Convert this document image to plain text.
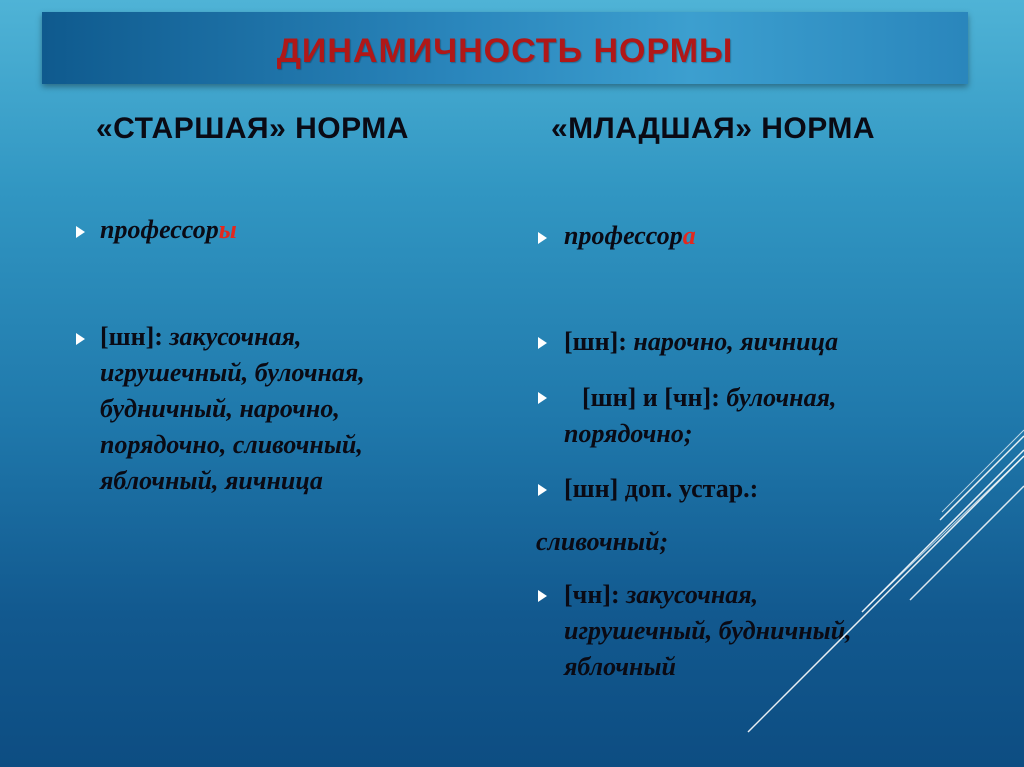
ДИНАМИЧНОСТЬ НОРМЫ
«СТАРШАЯ» НОРМА	«МЛАДШАЯ» НОРМА
профессоры
[шн]: закусочная,
игрушечный, булочная,
будничный, нарочно,
порядочно, сливочный,
яблочный, яичница
профессора
[шн]: нарочно, яичница
[шн] и [чн]: булочная,
порядочно;
[шн] доп. устар.:
сливочный;
[чн]: закусочная,
игрушечный, будничный,
яблочный
